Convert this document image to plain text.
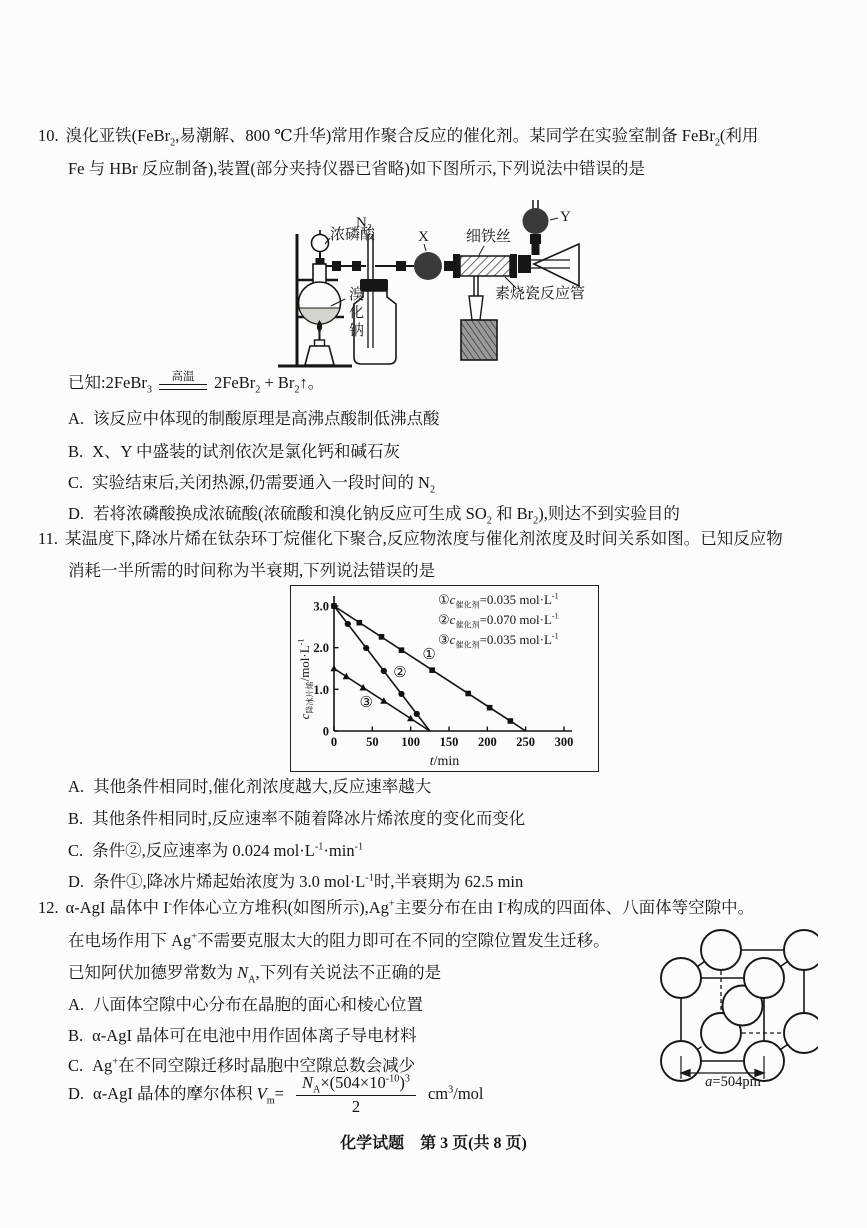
10. 溴化亚铁(FeBr$_2$,易潮解、800 ℃升华)常用作聚合反应的催化剂。某同学在实验室制备 FeBr$_2$(利用
Fe 与 HBr 反应制备),装置(部分夹持仪器已省略)如下图所示,下列说法中错误的是
N₂
浓磷酸
溴化钠
X 细铁丝
Y
素烧瓷反应管
已知:2FeBr$_3$
高温 2FeBr$_2$ + $Br_2↑$。
A. 该反应中体现的制酸原理是高沸点酸制低沸点酸
B. X、Y 中盛装的试剂依次是氯化钙和碱石灰
C. 实验结束后,关闭热源,仍需要通入一段时间的 $N_2$
D. 若将浓磷酸换成浓硫酸(浓硫酸和溴化钠反应可生成 $SO_2$ 和 $Br_2$),则达不到实验目的
11. 某温度下,降冰片烯在钛杂环丁烷催化下聚合,反应物浓度与催化剂浓度及时间关系如图。已知反应物
消耗一半所需的时间称为半衰期,下列说法错误的是
0 50 100 150 200 250 300
0
1.0
2.0
3.0
①
②
③
$①c_{催化剂}=0.035$ $mol\cdot L^{-1}$
$②c_{催化剂}=0.070$ $mol\cdot L^{-1}$
$③c_{催化剂}=0.035$ $mol\cdot L^{-1}$
$c_{降冰片烯}/mol\cdot L^{-1}$
t/min
A. 其他条件相同时,催化剂浓度越大,反应速率越大
B. 其他条件相同时,反应速率不随着降冰片烯浓度的变化而变化
C. 条件②,反应速率为 0.024 $mol\cdot L^{-1}\cdot\min^{-1}$
D. 条件①,降冰片烯起始浓度为 3.0 $mol\cdot L^{-1}$时,半衰期为 62.5 min
12. α-AgI 晶体中 I-作体心立方堆积(如图所示),Ag+主要分布在由 I-构成的四面体、八面体等空隙中。
在电场作用下 Ag+不需要克服太大的阻力即可在不同的空隙位置发生迁移。
已知阿伏加德罗常数为 $N_A$,下列有关说法不正确的是
A. 八面体空隙中心分布在晶胞的面心和棱心位置
B. α-AgI 晶体可在电池中用作固体离子导电材料
C. Ag+在不同空隙迁移时晶胞中空隙总数会减少
D. α-AgI 晶体的摩尔体积 $V_m= \frac{N_A\times(504\times 10^{-10})^3}{2} cm^3/mol$
a=504pm
化学试题　第 3 页(共 8 页)
